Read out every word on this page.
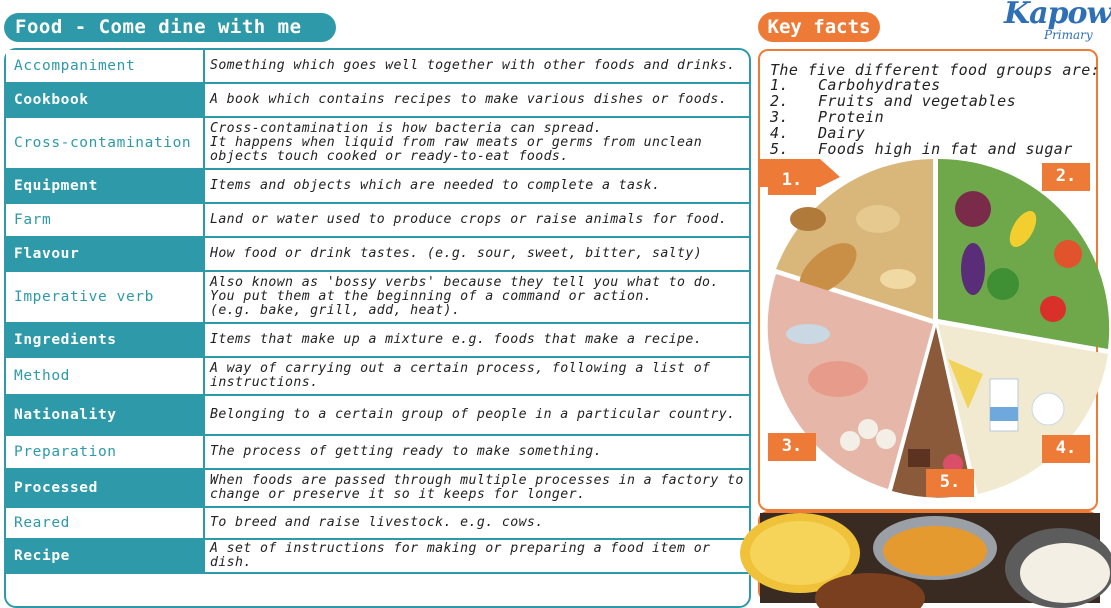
Food - Come dine with me
Accompaniment	Something which goes well together with other foods and drinks.
Cookbook	A book which contains recipes to make various dishes or foods.
Cross-contamination	Cross-contamination is how bacteria can spread.
It happens when liquid from raw meats or germs from unclean objects touch cooked or ready-to-eat foods.
Equipment	Items and objects which are needed to complete a task.
Farm	Land or water used to produce crops or raise animals for food.
Flavour	How food or drink tastes. (e.g. sour, sweet, bitter, salty)
Imperative verb	Also known as 'bossy verbs' because they tell you what to do.
You put them at the beginning of a command or action.
(e.g. bake, grill, add, heat).
Ingredients	Items that make up a mixture e.g. foods that make a recipe.
Method	A way of carrying out a certain process, following a list of instructions.
Nationality	Belonging to a certain group of people in a particular country.
Preparation	The process of getting ready to make something.
Processed	When foods are passed through multiple processes in a factory to change or preserve it so it keeps for longer.
Reared	To breed and raise livestock. e.g. cows.
Recipe	A set of instructions for making or preparing a food item or dish.
Key facts	Kapow
Primary
The five different food groups are:
1. Carbohydrates
2. Fruits and vegetables
3. Protein
4. Dairy
5. Foods high in fat and sugar
1.	2.
3.	4.
5.
